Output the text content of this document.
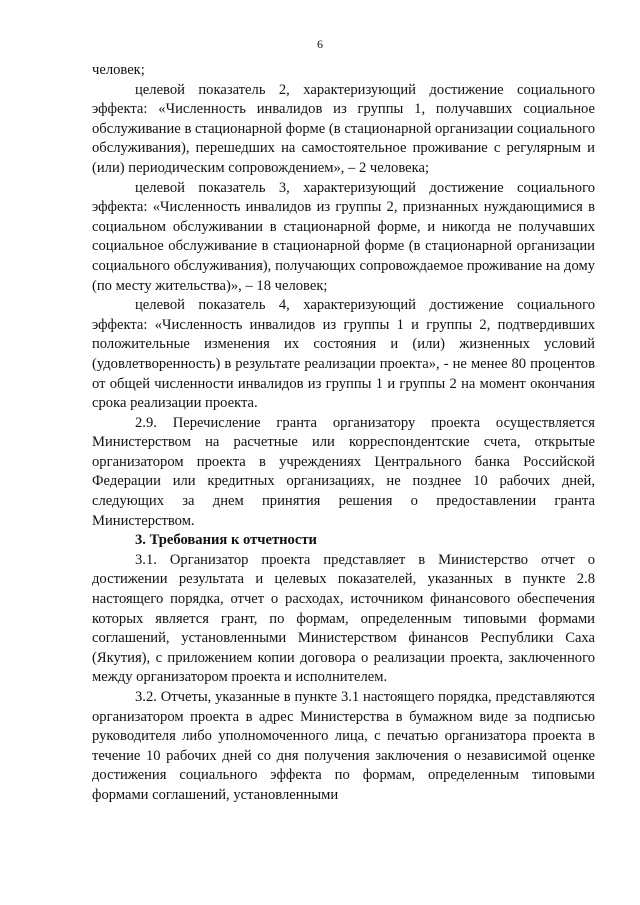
6

человек;

целевой показатель 2, характеризующий достижение социального эффекта: «Численность инвалидов из группы 1, получавших социальное обслуживание в стационарной форме (в стационарной организации социального обслуживания), перешедших на самостоятельное проживание с регулярным и (или) периодическим сопровождением», – 2 человека;

целевой показатель 3, характеризующий достижение социального эффекта: «Численность инвалидов из группы 2, признанных нуждающимися в социальном обслуживании в стационарной форме, и никогда не получавших социальное обслуживание в стационарной форме (в стационарной организации социального обслуживания), получающих сопровождаемое проживание на дому (по месту жительства)», – 18 человек;

целевой показатель 4, характеризующий достижение социального эффекта: «Численность инвалидов из группы 1 и группы 2, подтвердивших положительные изменения их состояния и (или) жизненных условий (удовлетворенность) в результате реализации проекта», - не менее 80 процентов от общей численности инвалидов из группы 1 и группы 2 на момент окончания срока реализации проекта.

2.9. Перечисление гранта организатору проекта осуществляется Министерством на расчетные или корреспондентские счета, открытые организатором проекта в учреждениях Центрального банка Российской Федерации или кредитных организациях, не позднее 10 рабочих дней, следующих за днем принятия решения о предоставлении гранта Министерством.

3. Требования к отчетности

3.1. Организатор проекта представляет в Министерство отчет о достижении результата и целевых показателей, указанных в пункте 2.8 настоящего порядка, отчет о расходах, источником финансового обеспечения которых является грант, по формам, определенным типовыми формами соглашений, установленными Министерством финансов Республики Саха (Якутия), с приложением копии договора о реализации проекта, заключенного между организатором проекта и исполнителем.

3.2. Отчеты, указанные в пункте 3.1 настоящего порядка, представляются организатором проекта в адрес Министерства в бумажном виде за подписью руководителя либо уполномоченного лица, с печатью организатора проекта в течение 10 рабочих дней со дня получения заключения о независимой оценке достижения социального эффекта по формам, определенным типовыми формами соглашений, установленными
